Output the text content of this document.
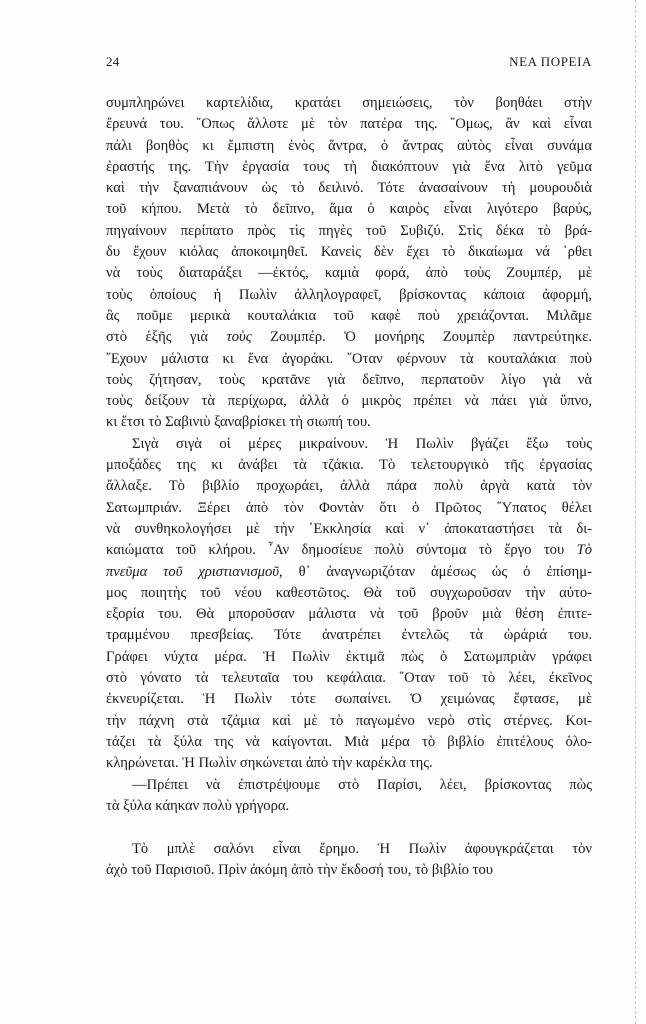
24	ΝΕΑ ΠΟΡΕΙΑ
συμπληρώνει καρτελίδια, κρατάει σημειώσεις, τὸν βοηθάει στὴν
ἔρευνά του. ῞Οπως ἄλλοτε μὲ τὸν πατέρα της. ῞Ομως, ἂν καὶ εἶναι
πάλι βοηθὸς κι ἔμπιστη ἑνὸς ἄντρα, ὁ ἄντρας αὐτὸς εἶναι συνάμα
ἐραστής της. Τὴν ἐργασία τους τὴ διακόπτουν γιὰ ἕνα λιτὸ γεῦμα
καὶ τὴν ξαναπιάνουν ὡς τὸ δειλινό. Τότε ἀνασαίνουν τὴ μουρουδιὰ
τοῦ κήπου. Μετὰ τὸ δεῖπνο, ἅμα ὁ καιρὸς εἶναι λιγότερο βαρύς,
πηγαίνουν περίπατο πρὸς τὶς πηγὲς τοῦ Συβιζύ. Στὶς δέκα τὸ βρά-
δυ ἔχουν κιόλας ἀποκοιμηθεῖ. Κανεὶς δὲν ἔχει τὸ δικαίωμα νά ᾽ρθει
νὰ τοὺς διαταράξει —ἐκτός, καμιὰ φορά, ἀπὸ τοὺς Ζουμπέρ, μὲ
τοὺς ὁποίους ἡ Πωλὶν ἀλληλογραφεῖ, βρίσκοντας κάποια ἀφορμή,
ἂς ποῦμε μερικὰ κουταλάκια τοῦ καφὲ ποὺ χρειάζονται. Μιλᾶμε
στὸ ἑξῆς γιὰ τοὺς Ζουμπέρ. Ὁ μονήρης Ζουμπὲρ παντρεύτηκε.
῎Εχουν μάλιστα κι ἕνα ἀγοράκι. ῞Οταν φέρνουν τὰ κουταλάκια ποὺ
τοὺς ζήτησαν, τοὺς κρατᾶνε γιὰ δεῖπνο, περπατοῦν λίγο γιὰ νὰ
τοὺς δείξουν τὰ περίχωρα, ἀλλὰ ὁ μικρὸς πρέπει νὰ πάει γιὰ ὕπνο,
κι ἔτσι τὸ Σαβινιὺ ξαναβρίσκει τὴ σιωπή του.
Σιγὰ σιγὰ οἱ μέρες μικραίνουν. Ἡ Πωλὶν βγάζει ἔξω τοὺς
μποξάδες της κι ἀνάβει τὰ τζάκια. Τὸ τελετουργικὸ τῆς ἐργασίας
ἄλλαξε. Τὸ βιβλίο προχωράει, ἀλλὰ πάρα πολὺ ἀργὰ κατὰ τὸν
Σατωμπριάν. Ξέρει ἀπὸ τὸν Φοντὰν ὅτι ὁ Πρῶτος ῞Υπατος θέλει
νὰ συνθηκολογήσει μὲ τὴν ᾽Εκκλησία καὶ ν᾽ ἀποκαταστήσει τὰ δι-
καιώματα τοῦ κλήρου. ῏Αν δημοσίευε πολὺ σύντομα τὸ ἔργο του Τὸ
πνεῦμα τοῦ χριστιανισμοῦ, θ᾽ ἀναγνωριζόταν ἀμέσως ὡς ὁ ἐπίσημ-
μος ποιητὴς τοῦ νέου καθεστῶτος. Θὰ τοῦ συγχωροῦσαν τὴν αὐτο-
εξορία του. Θὰ μποροῦσαν μάλιστα νὰ τοῦ βροῦν μιὰ θέση ἐπιτε-
τραμμένου πρεσβείας. Τότε ἀνατρέπει ἐντελῶς τὰ ὡράριά του.
Γράφει νύχτα μέρα. Ἡ Πωλὶν ἐκτιμᾶ πὼς ὁ Σατωμπριὰν γράφει
στὸ γόνατο τὰ τελευταῖα του κεφάλαια. ῞Οταν τοῦ τὸ λέει, ἐκεῖνος
ἐκνευρίζεται. Ἡ Πωλὶν τότε σωπαίνει. Ὁ χειμώνας ἔφτασε, μὲ
τὴν πάχνη στὰ τζάμια καὶ μὲ τὸ παγωμένο νερὸ στὶς στέρνες. Κοι-
τάζει τὰ ξύλα της νὰ καίγονται. Μιὰ μέρα τὸ βιβλίο ἐπιτέλους ὁλο-
κληρώνεται. Ἡ Πωλὶν σηκώνεται ἀπὸ τὴν καρέκλα της.
—Πρέπει νὰ ἐπιστρέψουμε στὸ Παρίσι, λέει, βρίσκοντας πὼς
τὰ ξύλα κάηκαν πολὺ γρήγορα.
Τὸ μπλὲ σαλόνι εἶναι ἔρημο. Ἡ Πωλὶν ἀφουγκράζεται τὸν
ἀχὸ τοῦ Παρισιοῦ. Πρὶν ἀκόμη ἀπὸ τὴν ἔκδοσή του, τὸ βιβλίο του
